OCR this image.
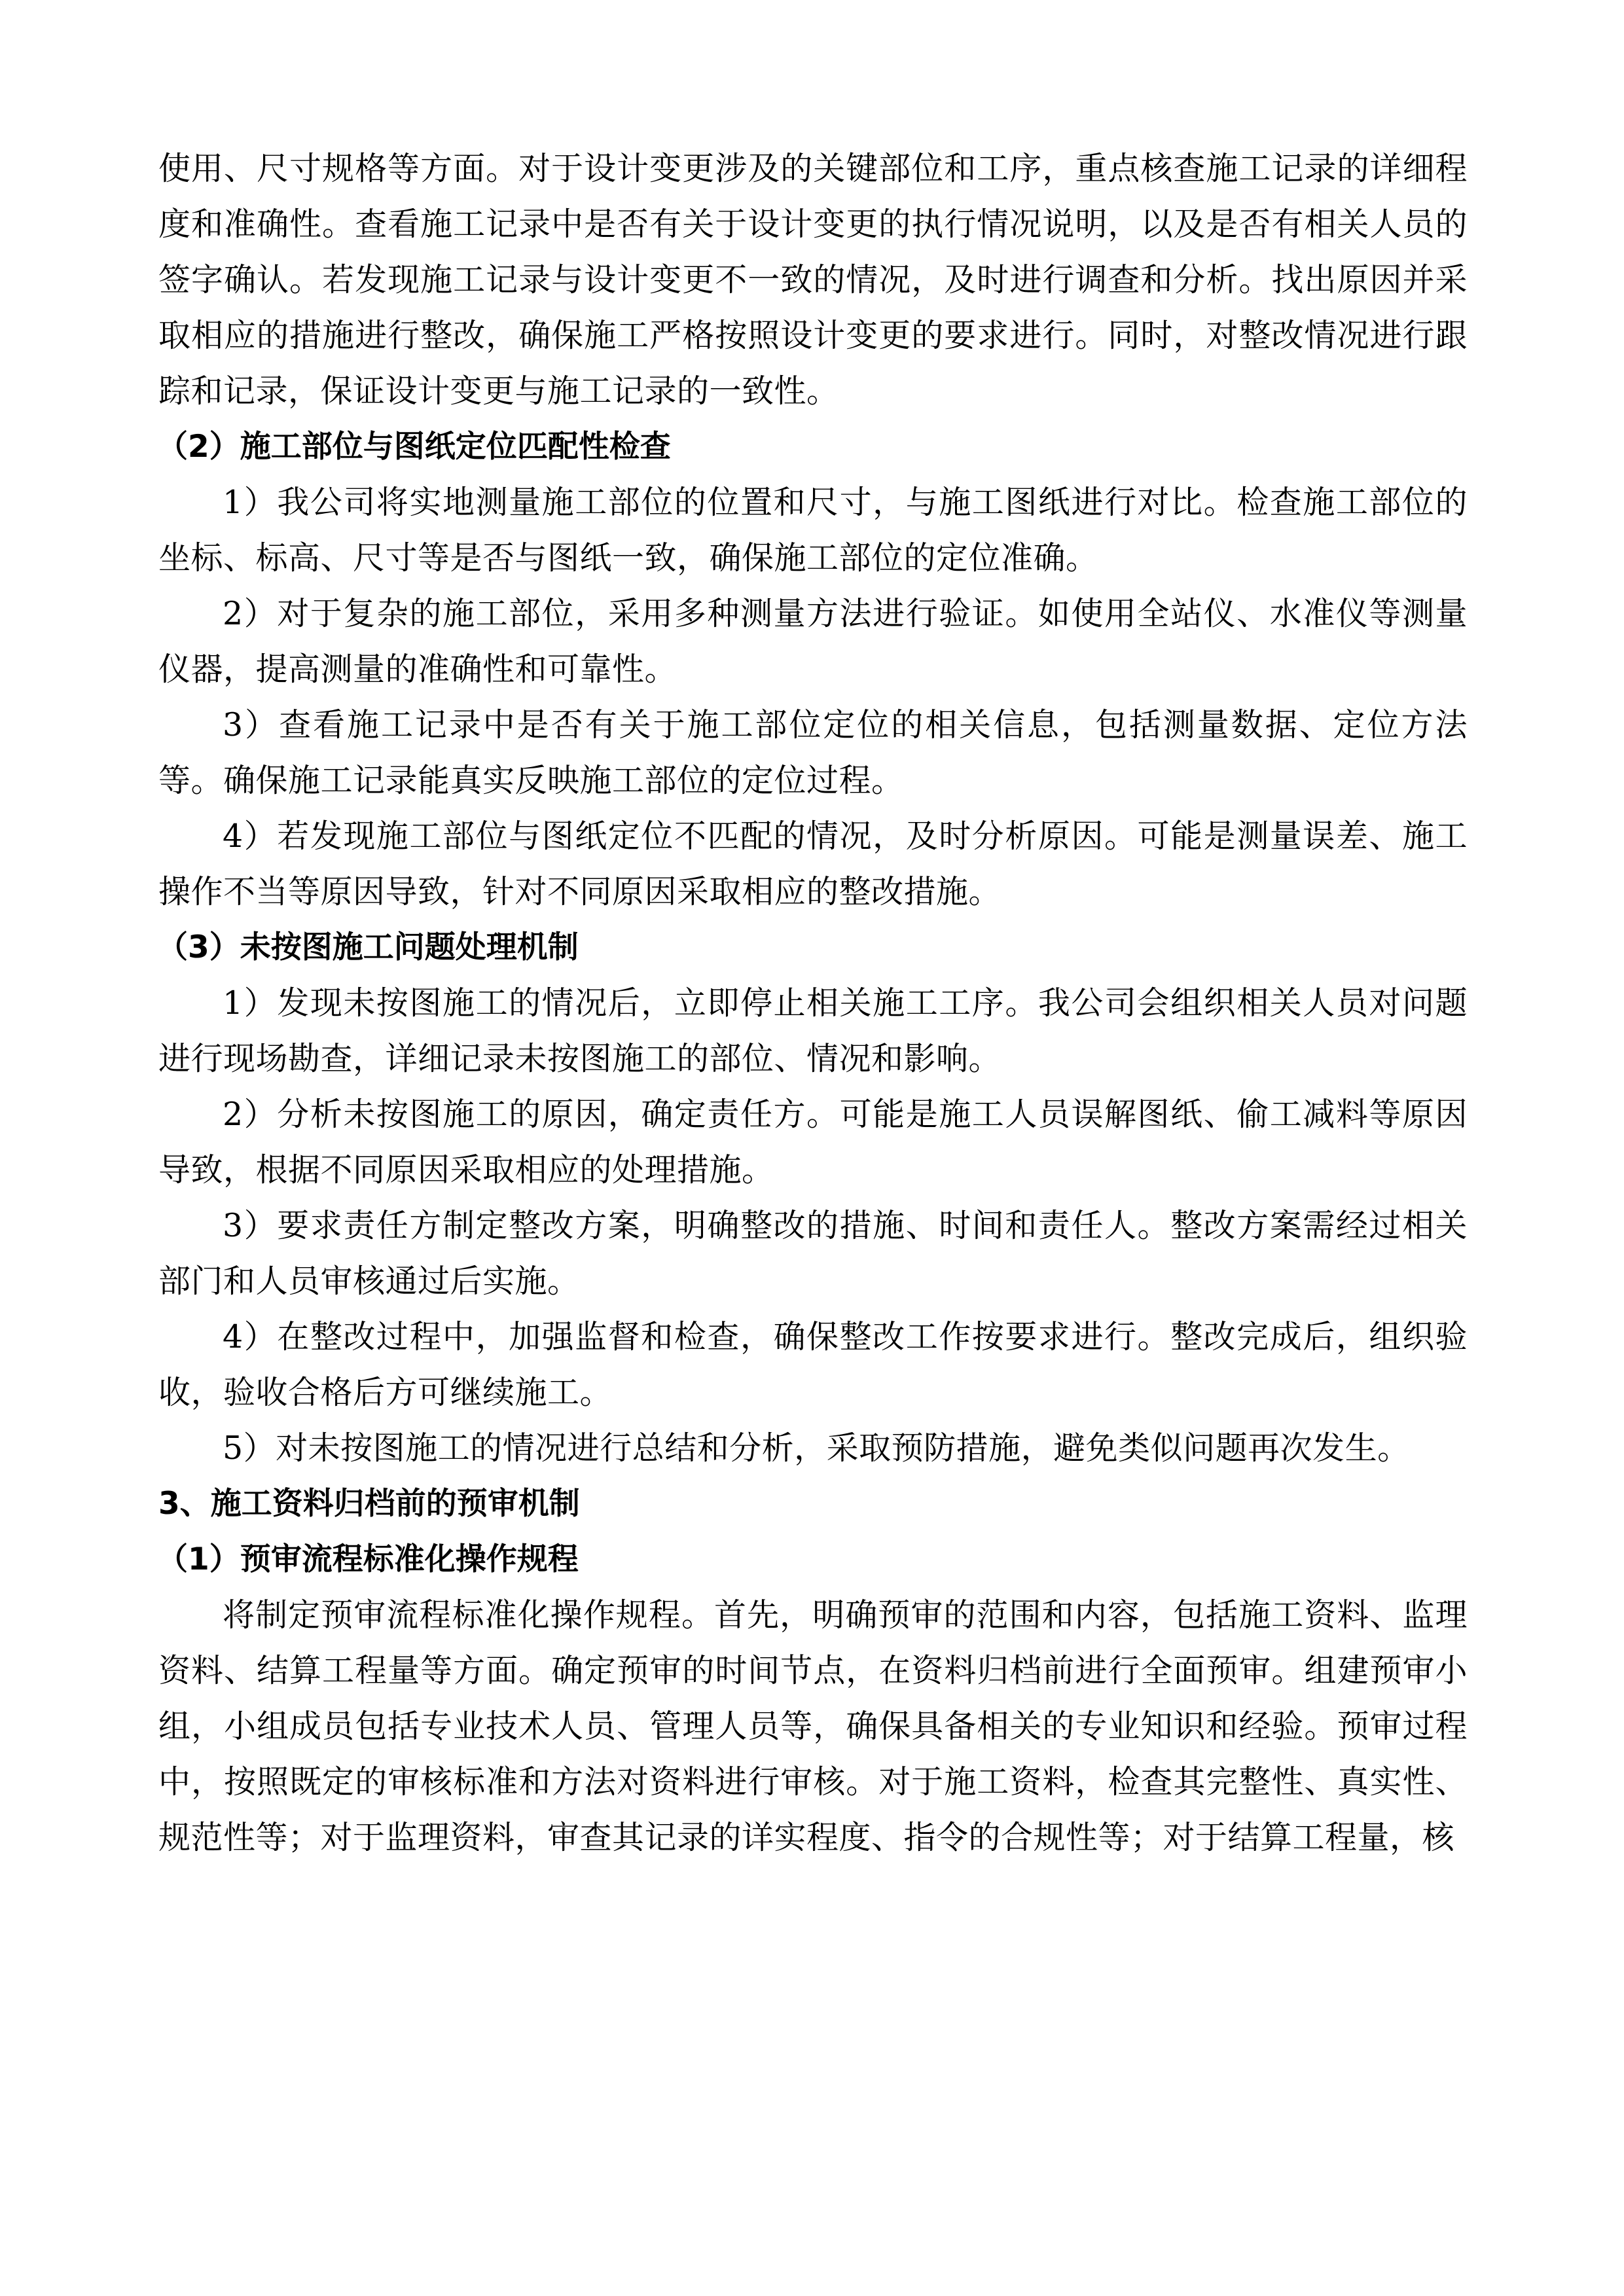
使用、尺寸规格等方面。对于设计变更涉及的关键部位和工序，重点核查施工记录的详细程度和准确性。查看施工记录中是否有关于设计变更的执行情况说明，以及是否有相关人员的签字确认。若发现施工记录与设计变更不一致的情况，及时进行调查和分析。找出原因并采取相应的措施进行整改，确保施工严格按照设计变更的要求进行。同时，对整改情况进行跟踪和记录，保证设计变更与施工记录的一致性。

（2）施工部位与图纸定位匹配性检查

1）我公司将实地测量施工部位的位置和尺寸，与施工图纸进行对比。检查施工部位的坐标、标高、尺寸等是否与图纸一致，确保施工部位的定位准确。

2）对于复杂的施工部位，采用多种测量方法进行验证。如使用全站仪、水准仪等测量仪器，提高测量的准确性和可靠性。

3）查看施工记录中是否有关于施工部位定位的相关信息，包括测量数据、定位方法等。确保施工记录能真实反映施工部位的定位过程。

4）若发现施工部位与图纸定位不匹配的情况，及时分析原因。可能是测量误差、施工操作不当等原因导致，针对不同原因采取相应的整改措施。

（3）未按图施工问题处理机制

1）发现未按图施工的情况后，立即停止相关施工工序。我公司会组织相关人员对问题进行现场勘查，详细记录未按图施工的部位、情况和影响。

2）分析未按图施工的原因，确定责任方。可能是施工人员误解图纸、偷工减料等原因导致，根据不同原因采取相应的处理措施。

3）要求责任方制定整改方案，明确整改的措施、时间和责任人。整改方案需经过相关部门和人员审核通过后实施。

4）在整改过程中，加强监督和检查，确保整改工作按要求进行。整改完成后，组织验收，验收合格后方可继续施工。

5）对未按图施工的情况进行总结和分析，采取预防措施，避免类似问题再次发生。

3、施工资料归档前的预审机制

（1）预审流程标准化操作规程

将制定预审流程标准化操作规程。首先，明确预审的范围和内容，包括施工资料、监理资料、结算工程量等方面。确定预审的时间节点，在资料归档前进行全面预审。组建预审小组，小组成员包括专业技术人员、管理人员等，确保具备相关的专业知识和经验。预审过程中，按照既定的审核标准和方法对资料进行审核。对于施工资料，检查其完整性、真实性、规范性等；对于监理资料，审查其记录的详实程度、指令的合规性等；对于结算工程量，核
